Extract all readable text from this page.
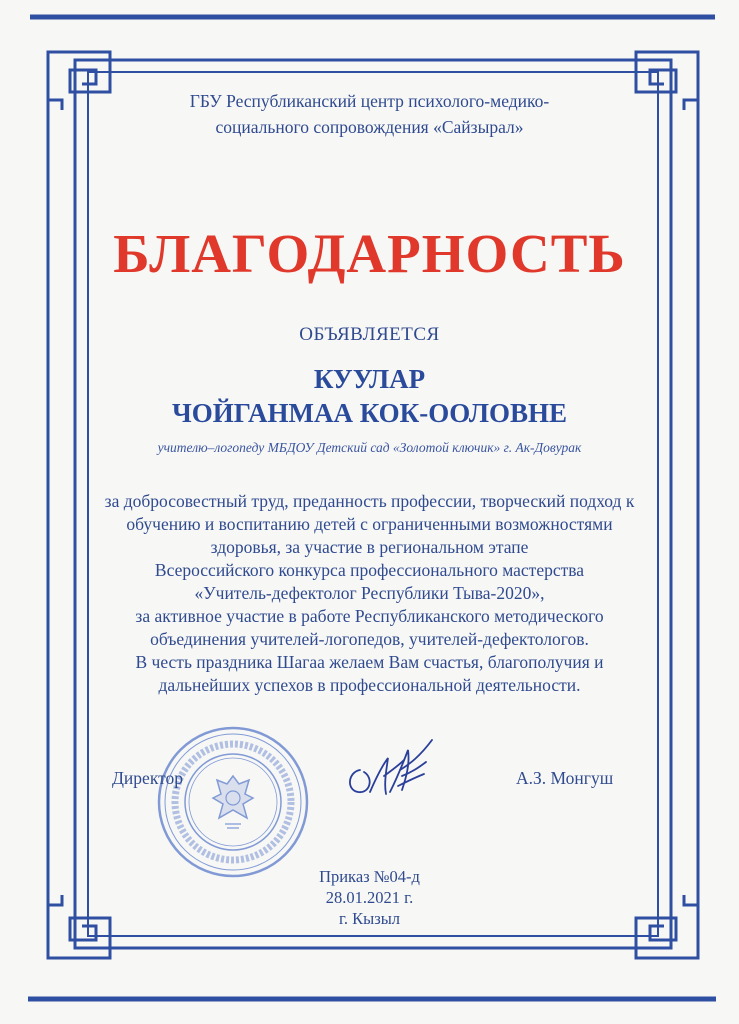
ГБУ Республиканский центр психолого-медико-
социального сопровождения «Сайзырал»
БЛАГОДАРНОСТЬ
ОБЪЯВЛЯЕТСЯ
КУУЛАР
ЧОЙГАНМАА КОК-ООЛОВНЕ
учителю–логопеду МБДОУ Детский сад «Золотой ключик» г. Ак-Довурак
за добросовестный труд, преданность профессии, творческий подход к
обучению и воспитанию детей с ограниченными возможностями
здоровья, за участие в региональном этапе
Всероссийского конкурса профессионального мастерства
«Учитель-дефектолог Республики Тыва-2020»,
за активное участие в работе Республиканского методического
объединения учителей-логопедов, учителей-дефектологов.
В честь праздника Шагаа желаем Вам счастья, благополучия и
дальнейших успехов в профессиональной деятельности.
Директор	А.З. Монгуш
Приказ №04-д
28.01.2021 г.
г. Кызыл
